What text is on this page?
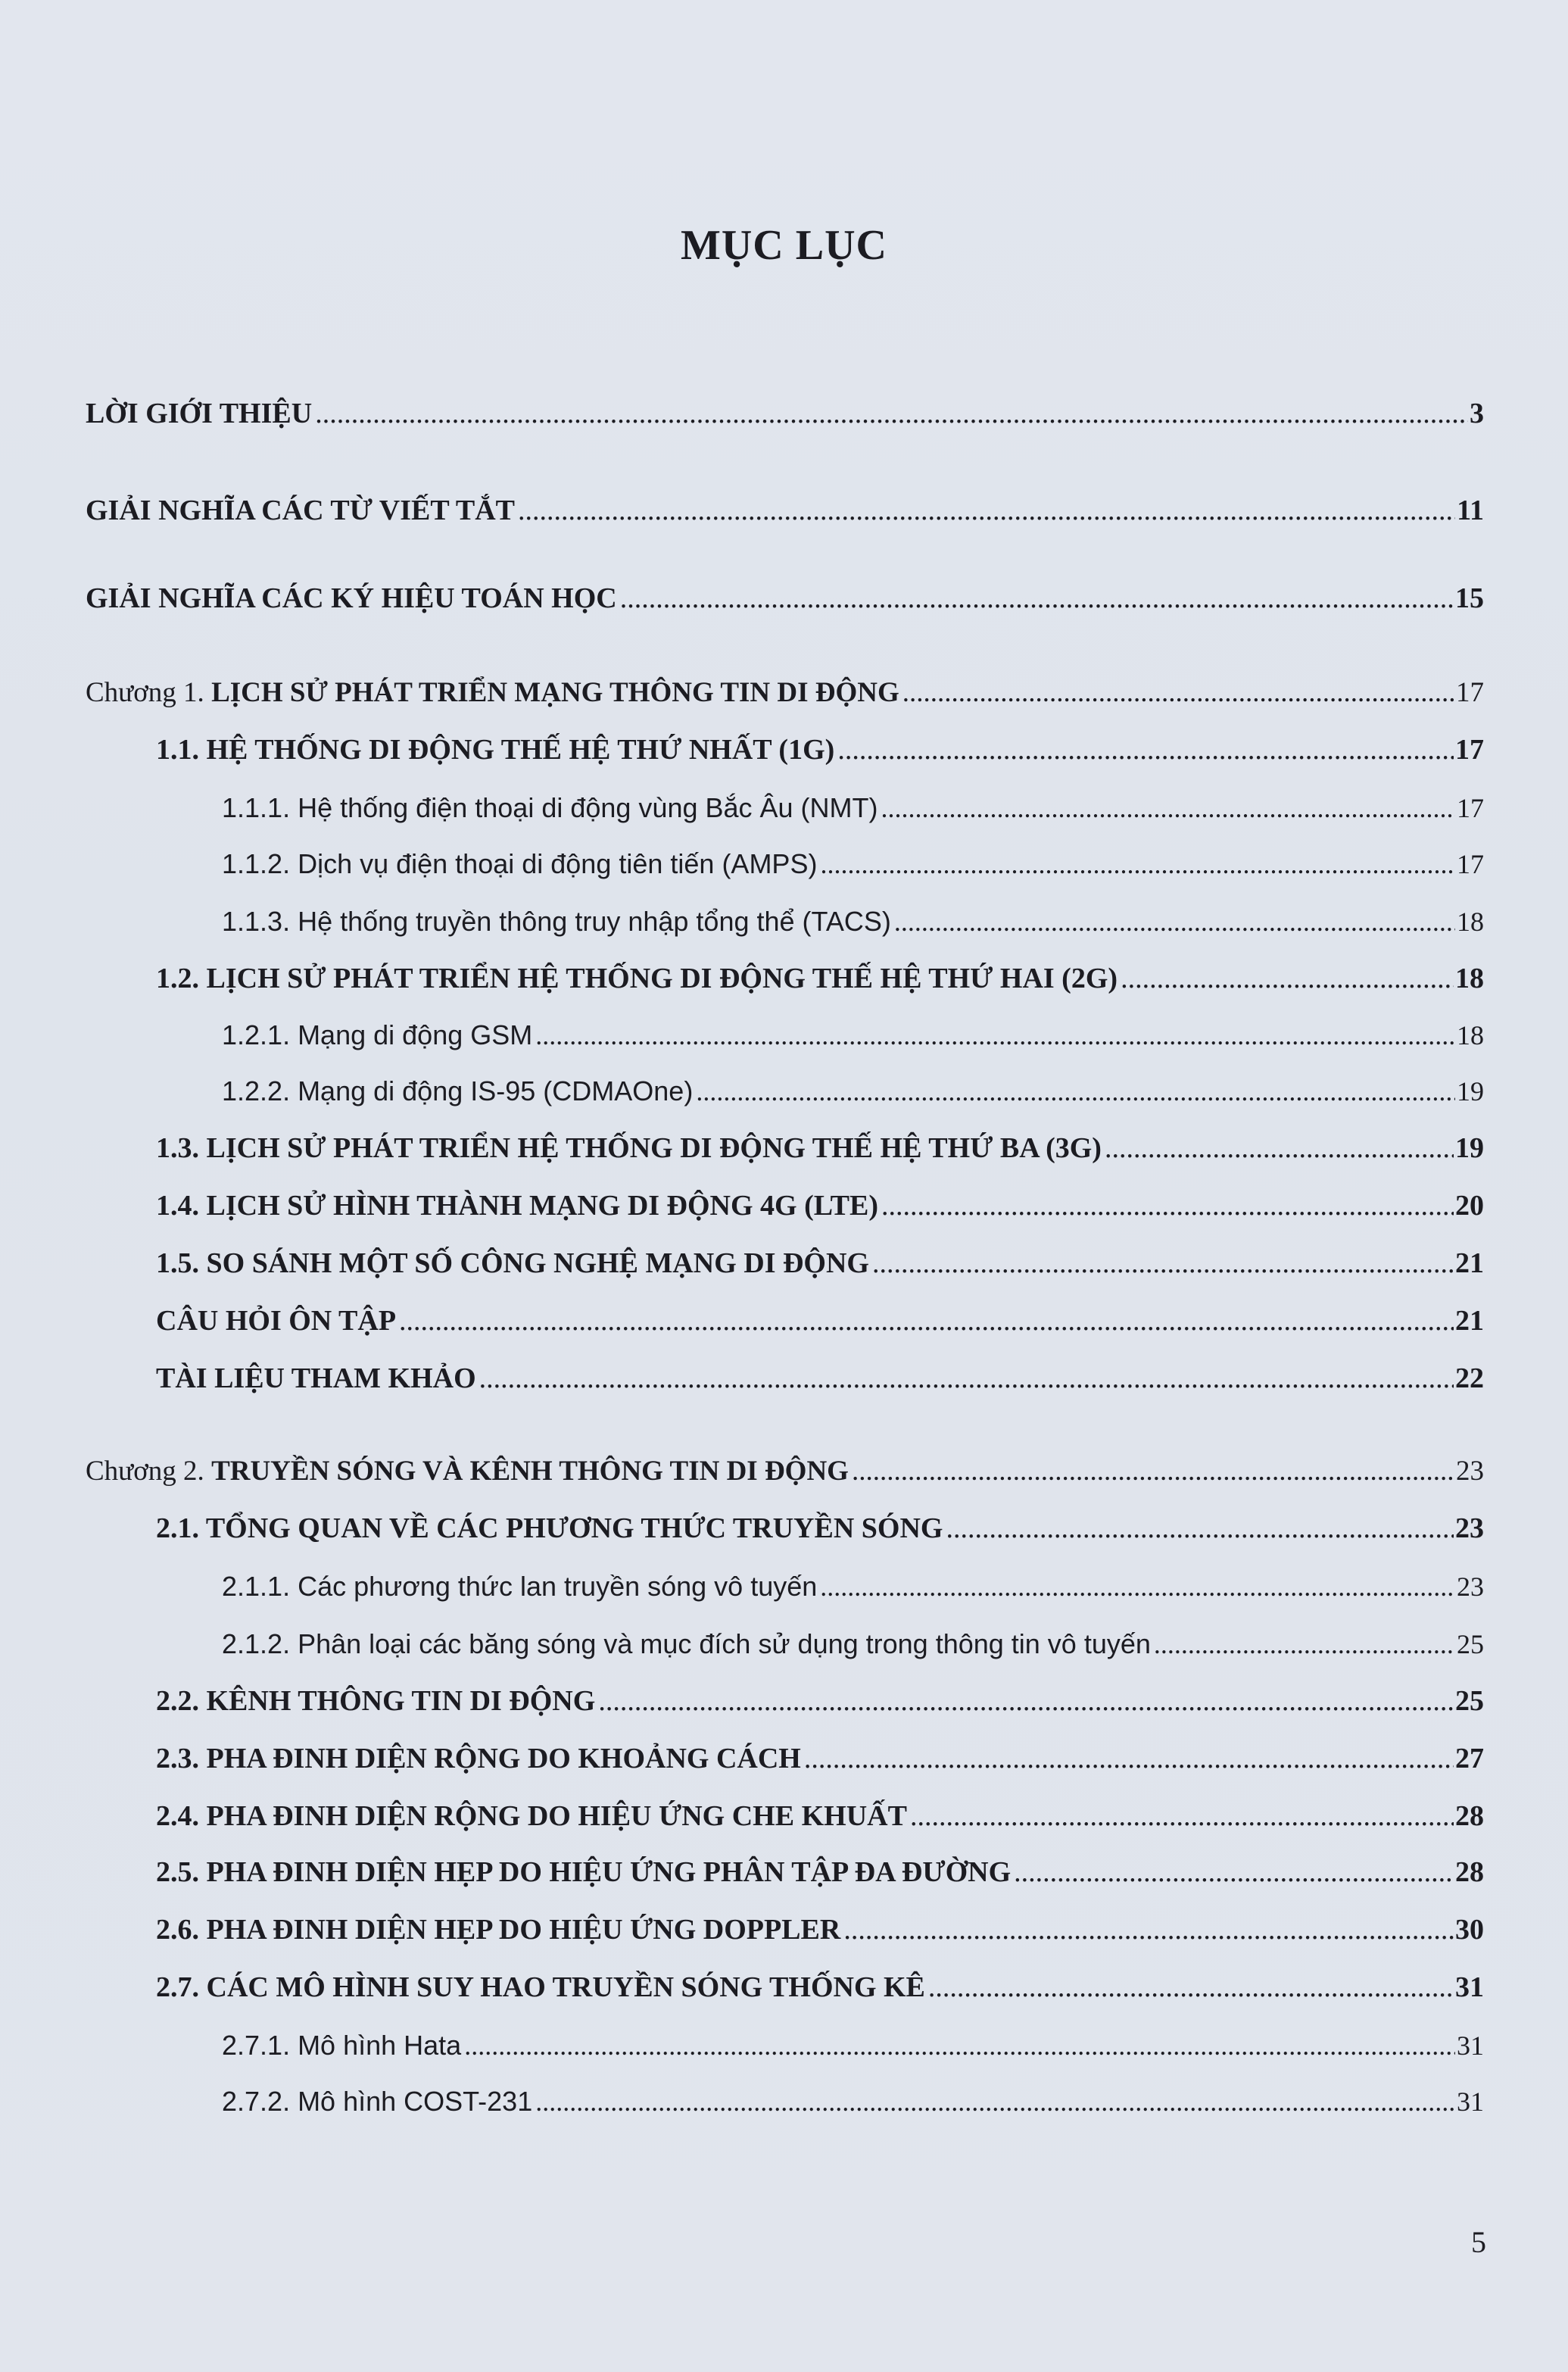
MỤC LỤC
LỜI GIỚI THIỆU .....	3
GIẢI NGHĨA CÁC TỪ VIẾT TẮT .....	11
GIẢI NGHĨA CÁC KÝ HIỆU TOÁN HỌC .....	15
Chương 1. LỊCH SỬ PHÁT TRIỂN MẠNG THÔNG TIN DI ĐỘNG .....	17
1.1. HỆ THỐNG DI ĐỘNG THẾ HỆ THỨ NHẤT (1G) .....	17
1.1.1. Hệ thống điện thoại di động vùng Bắc Âu (NMT) .....	17
1.1.2. Dịch vụ điện thoại di động tiên tiến (AMPS) .....	17
1.1.3. Hệ thống truyền thông truy nhập tổng thể (TACS) .....	18
1.2. LỊCH SỬ PHÁT TRIỂN HỆ THỐNG DI ĐỘNG THẾ HỆ THỨ HAI (2G) .....	18
1.2.1. Mạng di động GSM .....	18
1.2.2. Mạng di động IS-95 (CDMAOne) .....	19
1.3. LỊCH SỬ PHÁT TRIỂN HỆ THỐNG DI ĐỘNG THẾ HỆ THỨ BA (3G) .....	19
1.4. LỊCH SỬ HÌNH THÀNH MẠNG DI ĐỘNG 4G (LTE) .....	20
1.5. SO SÁNH MỘT SỐ CÔNG NGHỆ MẠNG DI ĐỘNG .....	21
CÂU HỎI ÔN TẬP .....	21
TÀI LIỆU THAM KHẢO .....	22
Chương 2. TRUYỀN SÓNG VÀ KÊNH THÔNG TIN DI ĐỘNG .....	23
2.1. TỔNG QUAN VỀ CÁC PHƯƠNG THỨC TRUYỀN SÓNG .....	23
2.1.1. Các phương thức lan truyền sóng vô tuyến .....	23
2.1.2. Phân loại các băng sóng và mục đích sử dụng trong thông tin vô tuyến .....	25
2.2. KÊNH THÔNG TIN DI ĐỘNG .....	25
2.3. PHA ĐINH DIỆN RỘNG DO KHOẢNG CÁCH .....	27
2.4. PHA ĐINH DIỆN RỘNG DO HIỆU ỨNG CHE KHUẤT .....	28
2.5. PHA ĐINH DIỆN HẸP DO HIỆU ỨNG PHÂN TẬP ĐA ĐƯỜNG .....	28
2.6. PHA ĐINH DIỆN HẸP DO HIỆU ỨNG DOPPLER .....	30
2.7. CÁC MÔ HÌNH SUY HAO TRUYỀN SÓNG THỐNG KÊ .....	31
2.7.1. Mô hình Hata .....	31
2.7.2. Mô hình COST-231 .....	31
5
